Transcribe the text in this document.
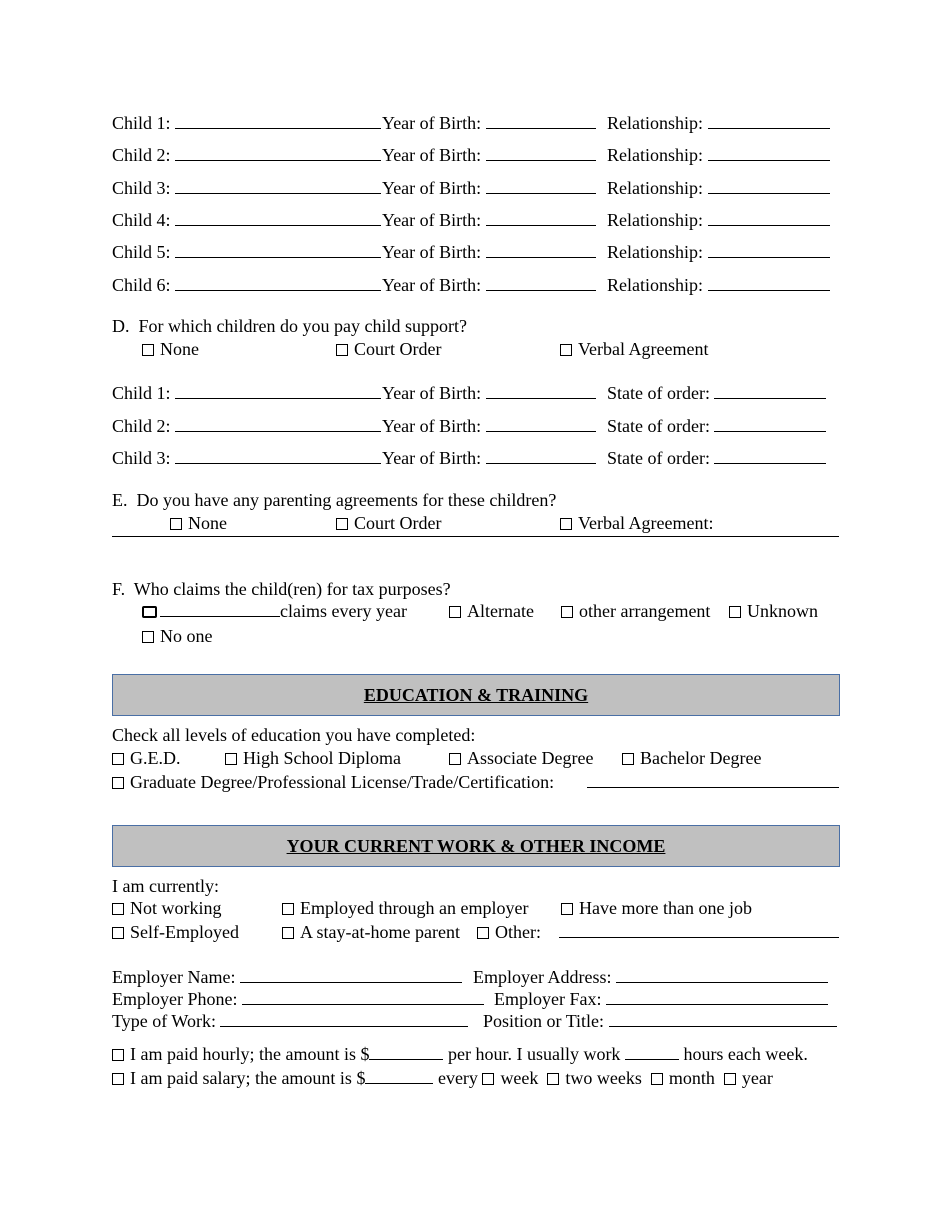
Child 1:	Year of Birth:	Relationship:
Child 2:	Year of Birth:	Relationship:
Child 3:	Year of Birth:	Relationship:
Child 4:	Year of Birth:	Relationship:
Child 5:	Year of Birth:	Relationship:
Child 6:	Year of Birth:	Relationship:
D.  For which children do you pay child support?
None	Court Order	Verbal Agreement
Child 1:	Year of Birth:	State of order:
Child 2:	Year of Birth:	State of order:
Child 3:	Year of Birth:	State of order:
E.  Do you have any parenting agreements for these children?
None	Court Order	Verbal Agreement:
F.  Who claims the child(ren) for tax purposes?
claims every year	Alternate	other arrangement	Unknown
No one
EDUCATION & TRAINING
Check all levels of education you have completed:
G.E.D.	High School Diploma	Associate Degree	Bachelor Degree
Graduate Degree/Professional License/Trade/Certification:
YOUR CURRENT WORK & OTHER INCOME
I am currently:
Not working	Employed through an employer	Have more than one job
Self-Employed	A stay-at-home parent	Other:
Employer Name:	Employer Address:
Employer Phone:	Employer Fax:
Type of Work:	Position or Title:
I am paid hourly; the amount is $	per hour. I usually work	hours each week.
I am paid salary; the amount is $	every week two weeks month year
